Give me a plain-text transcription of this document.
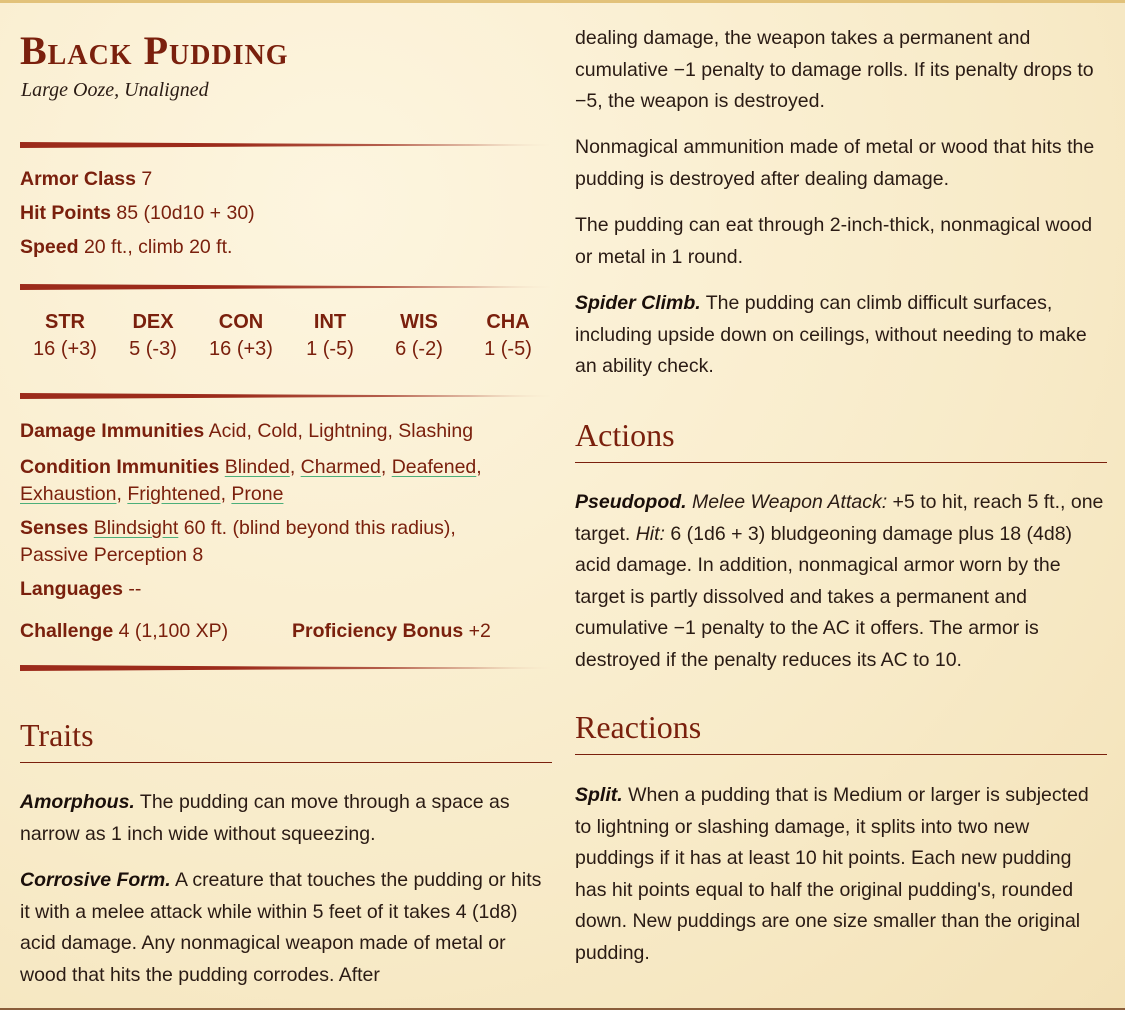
Black Pudding
Large Ooze, Unaligned
Armor Class 7
Hit Points 85 (10d10 + 30)
Speed 20 ft., climb 20 ft.
STR
16 (+3)
DEX
5 (-3)
CON
16 (+3)
INT
1 (-5)
WIS
6 (-2)
CHA
1 (-5)
Damage Immunities Acid, Cold, Lightning, Slashing
Condition Immunities Blinded, Charmed, Deafened,
Exhaustion, Frightened, Prone
Senses Blindsight 60 ft. (blind beyond this radius),
Passive Perception 8
Languages --
Challenge 4 (1,100 XP)	Proficiency Bonus +2
Traits
Amorphous. The pudding can move through a space as narrow as 1 inch wide without squeezing.
Corrosive Form. A creature that touches the pudding or hits it with a melee attack while within 5 feet of it takes 4 (1d8) acid damage. Any nonmagical weapon made of metal or wood that hits the pudding corrodes. After
dealing damage, the weapon takes a permanent and cumulative −1 penalty to damage rolls. If its penalty drops to −5, the weapon is destroyed.
Nonmagical ammunition made of metal or wood that hits the pudding is destroyed after dealing damage.
The pudding can eat through 2-inch-thick, nonmagical wood or metal in 1 round.
Spider Climb. The pudding can climb difficult surfaces, including upside down on ceilings, without needing to make an ability check.
Actions
Pseudopod. Melee Weapon Attack: +5 to hit, reach 5 ft., one target. Hit: 6 (1d6 + 3) bludgeoning damage plus 18 (4d8) acid damage. In addition, nonmagical armor worn by the target is partly dissolved and takes a permanent and cumulative −1 penalty to the AC it offers. The armor is destroyed if the penalty reduces its AC to 10.
Reactions
Split. When a pudding that is Medium or larger is subjected to lightning or slashing damage, it splits into two new puddings if it has at least 10 hit points. Each new pudding has hit points equal to half the original pudding's, rounded down. New puddings are one size smaller than the original pudding.
